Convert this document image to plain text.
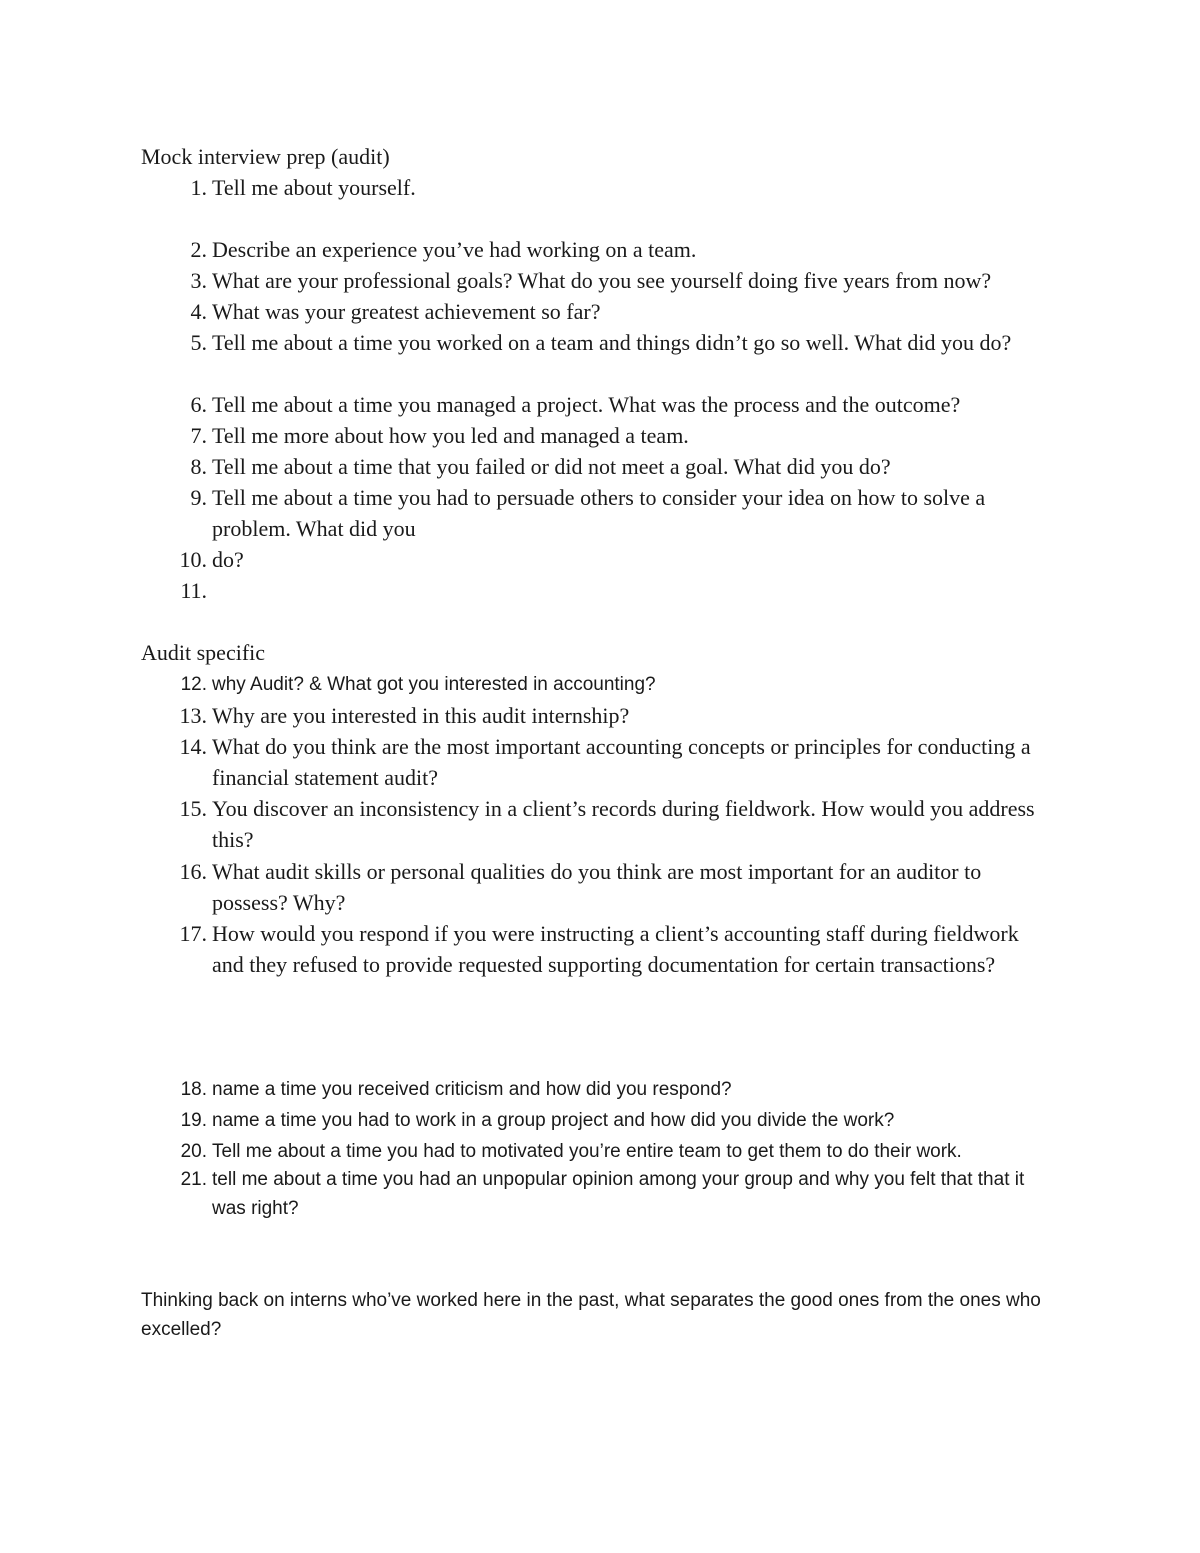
Mock interview prep (audit)
1. Tell me about yourself.
2. Describe an experience you’ve had working on a team.
3. What are your professional goals? What do you see yourself doing five years from now?
4. What was your greatest achievement so far?
5. Tell me about a time you worked on a team and things didn’t go so well. What did you do?
6. Tell me about a time you managed a project. What was the process and the outcome?
7. Tell me more about how you led and managed a team.
8. Tell me about a time that you failed or did not meet a goal. What did you do?
9. Tell me about a time you had to persuade others to consider your idea on how to solve a problem. What did you
10. do?
11.
Audit specific
12. why Audit? & What got you interested in accounting?
13. Why are you interested in this audit internship?
14. What do you think are the most important accounting concepts or principles for conducting a financial statement audit?
15. You discover an inconsistency in a client’s records during fieldwork. How would you address this?
16. What audit skills or personal qualities do you think are most important for an auditor to possess? Why?
17. How would you respond if you were instructing a client’s accounting staff during fieldwork and they refused to provide requested supporting documentation for certain transactions?
18. name a time you received criticism and how did you respond?
19. name a time you had to work in a group project and how did you divide the work?
20. Tell me about a time you had to motivated you’re entire team to get them to do their work.
21. tell me about a time you had an unpopular opinion among your group and why you felt that that it was right?
Thinking back on interns who’ve worked here in the past, what separates the good ones from the ones who excelled?
